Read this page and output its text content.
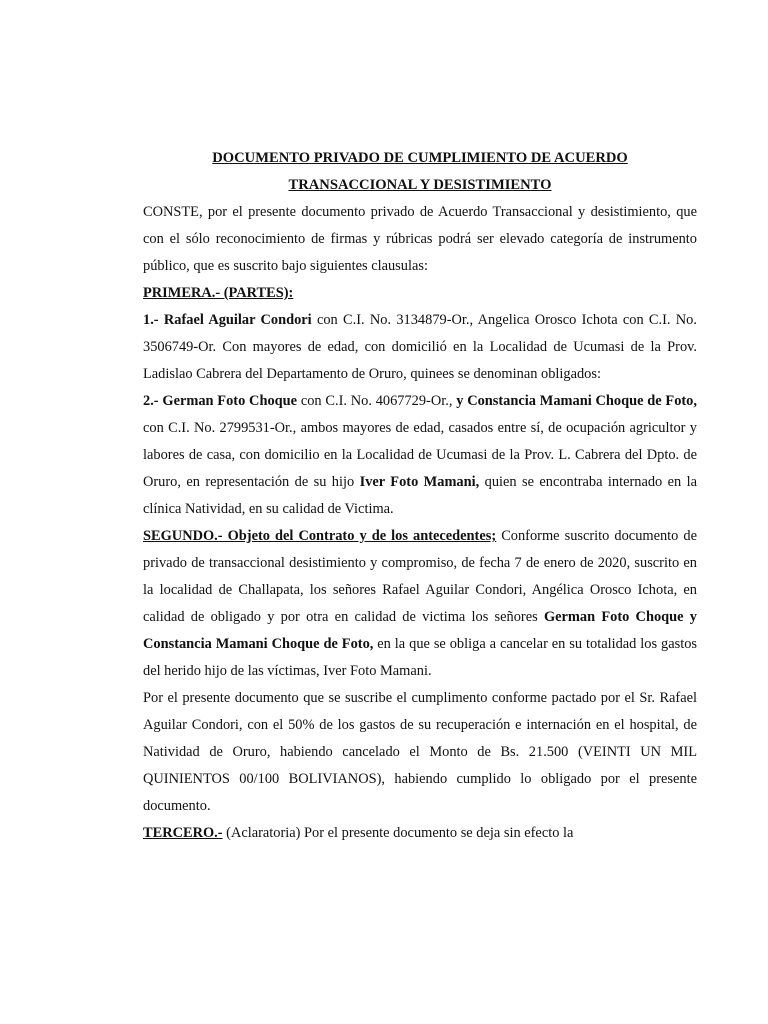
DOCUMENTO PRIVADO DE CUMPLIMIENTO DE ACUERDO
TRANSACCIONAL Y DESISTIMIENTO

CONSTE, por el presente documento privado de Acuerdo Transaccional y desistimiento, que con el sólo reconocimiento de firmas y rúbricas podrá ser elevado categoría de instrumento público, que es suscrito bajo siguientes clausulas:

PRIMERA.- (PARTES):

1.- Rafael Aguilar Condori con C.I. No. 3134879-Or., Angelica Orosco Ichota con C.I. No. 3506749-Or. Con mayores de edad, con domicilió en la Localidad de Ucumasi de la Prov. Ladislao Cabrera del Departamento de Oruro, quinees se denominan obligados:

2.- German Foto Choque con C.I. No. 4067729-Or., y Constancia Mamani Choque de Foto, con C.I. No. 2799531-Or., ambos mayores de edad, casados entre sí, de ocupación agricultor y labores de casa, con domicilio en la Localidad de Ucumasi de la Prov. L. Cabrera del Dpto. de Oruro, en representación de su hijo Iver Foto Mamani, quien se encontraba internado en la clínica Natividad, en su calidad de Victima.

SEGUNDO.- Objeto del Contrato y de los antecedentes; Conforme suscrito documento de privado de transaccional desistimiento y compromiso, de fecha 7 de enero de 2020, suscrito en la localidad de Challapata, los señores Rafael Aguilar Condori, Angélica Orosco Ichota, en calidad de obligado y por otra en calidad de victima los señores German Foto Choque y Constancia Mamani Choque de Foto, en la que se obliga a cancelar en su totalidad los gastos del herido hijo de las víctimas, Iver Foto Mamani.

Por el presente documento que se suscribe el cumplimento conforme pactado por el Sr. Rafael Aguilar Condori, con el 50% de los gastos de su recuperación e internación en el hospital, de Natividad de Oruro, habiendo cancelado el Monto de Bs. 21.500 (VEINTI UN MIL QUINIENTOS 00/100 BOLIVIANOS), habiendo cumplido lo obligado por el presente documento.

TERCERO.- (Aclaratoria) Por el presente documento se deja sin efecto la
